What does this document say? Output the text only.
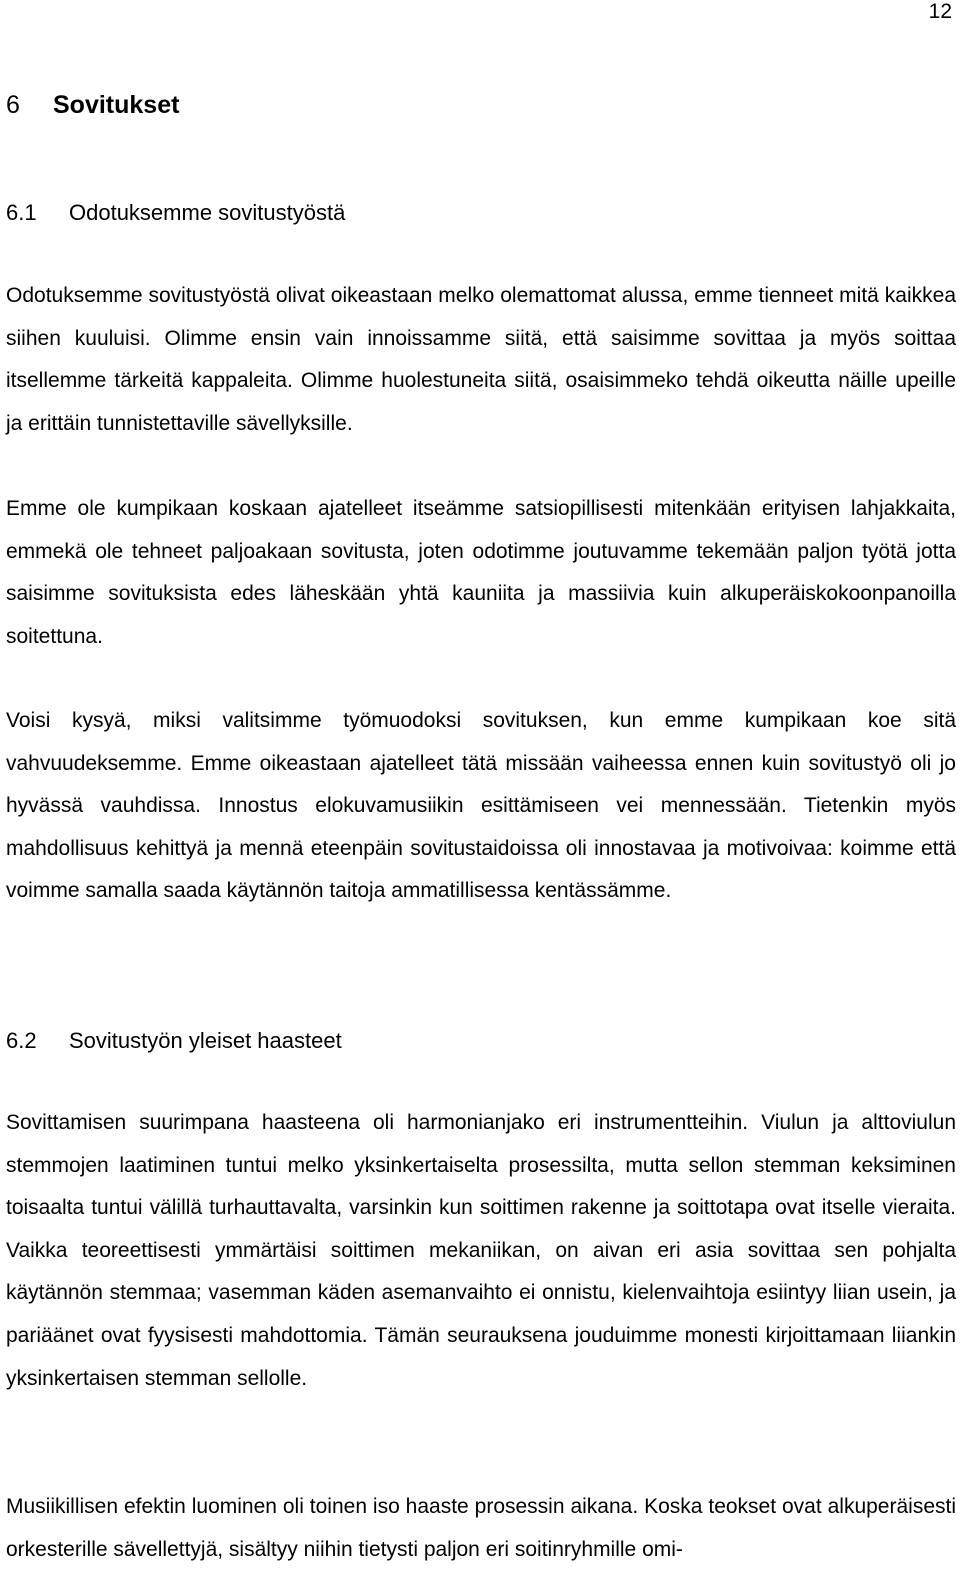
12
6 Sovitukset
6.1 Odotuksemme sovitustyöstä

Odotuksemme sovitustyöstä olivat oikeastaan melko olemattomat alussa, emme tienneet mitä kaikkea siihen kuuluisi. Olimme ensin vain innoissamme siitä, että saisimme sovittaa ja myös soittaa itsellemme tärkeitä kappaleita. Olimme huolestuneita siitä, osaisimmeko tehdä oikeutta näille upeille ja erittäin tunnistettaville sävellyksille.

Emme ole kumpikaan koskaan ajatelleet itseämme satsiopillisesti mitenkään erityisen lahjakkaita, emmekä ole tehneet paljoakaan sovitusta, joten odotimme joutuvamme tekemään paljon työtä jotta saisimme sovituksista edes läheskään yhtä kauniita ja massiivia kuin alkuperäiskokoonpanoilla soitettuna.

Voisi kysyä, miksi valitsimme työmuodoksi sovituksen, kun emme kumpikaan koe sitä vahvuudeksemme. Emme oikeastaan ajatelleet tätä missään vaiheessa ennen kuin sovitustyö oli jo hyvässä vauhdissa. Innostus elokuvamusiikin esittämiseen vei mennessään. Tietenkin myös mahdollisuus kehittyä ja mennä eteenpäin sovitustaidoissa oli innostavaa ja motivoivaa: koimme että voimme samalla saada käytännön taitoja ammatillisessa kentässämme.

6.2 Sovitustyön yleiset haasteet

Sovittamisen suurimpana haasteena oli harmonianjako eri instrumentteihin. Viulun ja alttoviulun stemmojen laatiminen tuntui melko yksinkertaiselta prosessilta, mutta sellon stemman keksiminen toisaalta tuntui välillä turhauttavalta, varsinkin kun soittimen rakenne ja soittotapa ovat itselle vieraita. Vaikka teoreettisesti ymmärtäisi soittimen mekaniikan, on aivan eri asia sovittaa sen pohjalta käytännön stemmaa; vasemman käden asemanvaihto ei onnistu, kielenvaihtoja esiintyy liian usein, ja pariäänet ovat fyysisesti mahdottomia. Tämän seurauksena jouduimme monesti kirjoittamaan liiankin yksinkertaisen stemman sellolle.

Musiikillisen efektin luominen oli toinen iso haaste prosessin aikana. Koska teokset ovat alkuperäisesti orkesterille sävellettyjä, sisältyy niihin tietysti paljon eri soitinryhmille omi-
